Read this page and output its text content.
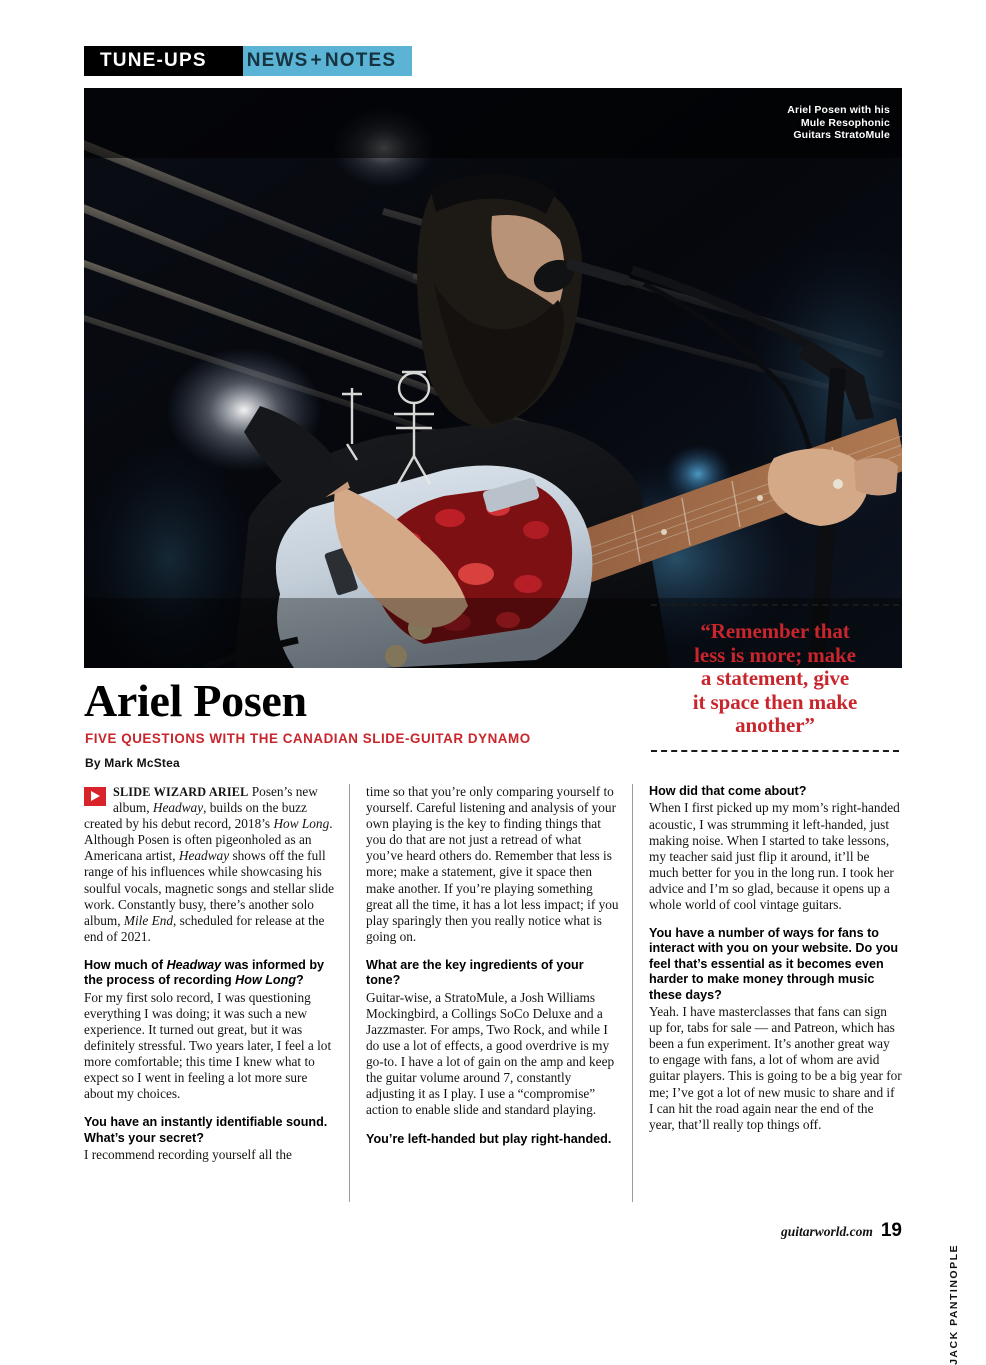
TUNE-UPS	NEWS + NOTES
Ariel Posen with his
Mule Resophonic
Guitars StratoMule
“Remember that
less is more; make
a statement, give
it space then make
another”
Ariel Posen
FIVE QUESTIONS WITH THE CANADIAN SLIDE-GUITAR DYNAMO
By Mark McStea

SLIDE WIZARD ARIEL Posen’s new album, Headway, builds on the buzz created by his debut record, 2018’s How Long. Although Posen is often pigeonholed as an Americana artist, Headway shows off the full range of his influences while showcasing his soulful vocals, magnetic songs and stellar slide work. Constantly busy, there’s another solo album, Mile End, scheduled for release at the end of 2021.

How much of Headway was informed by the process of recording How Long?

For my first solo record, I was questioning everything I was doing; it was such a new experience. It turned out great, but it was definitely stressful. Two years later, I feel a lot more comfortable; this time I knew what to expect so I went in feeling a lot more sure about my choices.

You have an instantly identifiable sound. What’s your secret?

I recommend recording yourself all the

time so that you’re only comparing yourself to yourself. Careful listening and analysis of your own playing is the key to finding things that you do that are not just a retread of what you’ve heard others do. Remember that less is more; make a statement, give it space then make another. If you’re playing something great all the time, it has a lot less impact; if you play sparingly then you really notice what is going on.

What are the key ingredients of your tone?

Guitar-wise, a StratoMule, a Josh Williams Mockingbird, a Collings SoCo Deluxe and a Jazzmaster. For amps, Two Rock, and while I do use a lot of effects, a good overdrive is my go-to. I have a lot of gain on the amp and keep the guitar volume around 7, constantly adjusting it as I play. I use a “compromise” action to enable slide and standard playing.

You’re left-handed but play right-handed.

How did that come about?

When I first picked up my mom’s right-handed acoustic, I was strumming it left-handed, just making noise. When I started to take lessons, my teacher said just flip it around, it’ll be much better for you in the long run. I took her advice and I’m so glad, because it opens up a whole world of cool vintage guitars.

You have a number of ways for fans to interact with you on your website. Do you feel that’s essential as it becomes even harder to make money through music these days?

Yeah. I have masterclasses that fans can sign up for, tabs for sale — and Patreon, which has been a fun experiment. It’s another great way to engage with fans, a lot of whom are avid guitar players. This is going to be a big year for me; I’ve got a lot of new music to share and if I can hit the road again near the end of the year, that’ll really top things off.

guitarworld.com 19
JACK PANTINOPLE
